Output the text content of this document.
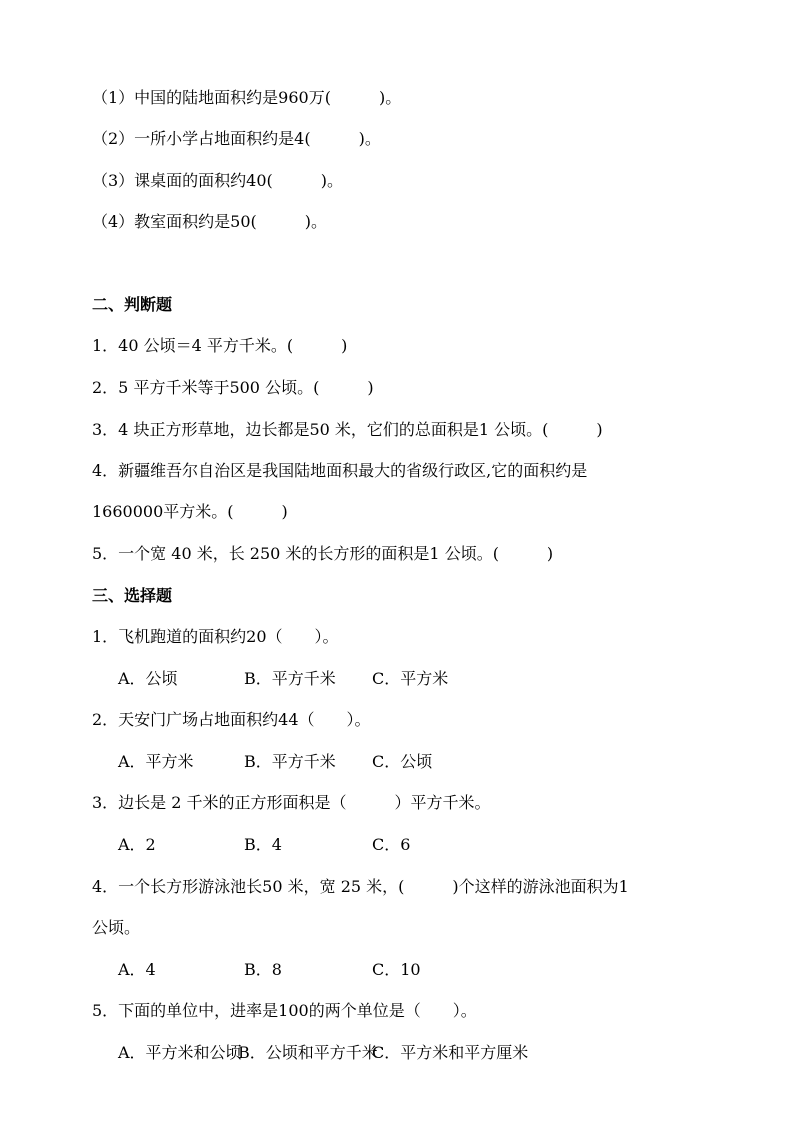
（1）中国的陆地面积约是960万(　　　)。
（2）一所小学占地面积约是4(　　　)。
（3）课桌面的面积约40(　　　)。
（4）教室面积约是50(　　　)。
二、判断题
1．40 公顷＝4 平方千米。(　　　)
2．5 平方千米等于500 公顷。(　　　)
3．4 块正方形草地，边长都是50 米，它们的总面积是1 公顷。(　　　)
4．新疆维吾尔自治区是我国陆地面积最大的省级行政区,它的面积约是
1660000平方米。(　　　)
5．一个宽 40 米，长 250 米的长方形的面积是1 公顷。(　　　)
三、选择题
1．飞机跑道的面积约20（　　）。
A．公顷	B．平方千米 C．平方米
2．天安门广场占地面积约44（　　）。
A．平方米	B．平方千米 C．公顷
3．边长是 2 千米的正方形面积是（　　　）平方千米。
A．2	B．4	C．6
4．一个长方形游泳池长50 米，宽 25 米，(　　　)个这样的游泳池面积为1
公顷。
A．4	B．8	C．10
5．下面的单位中，进率是100的两个单位是（　　）。
A．平方米和公顷
B．公顷和平方千米
C．平方米和平方厘米
